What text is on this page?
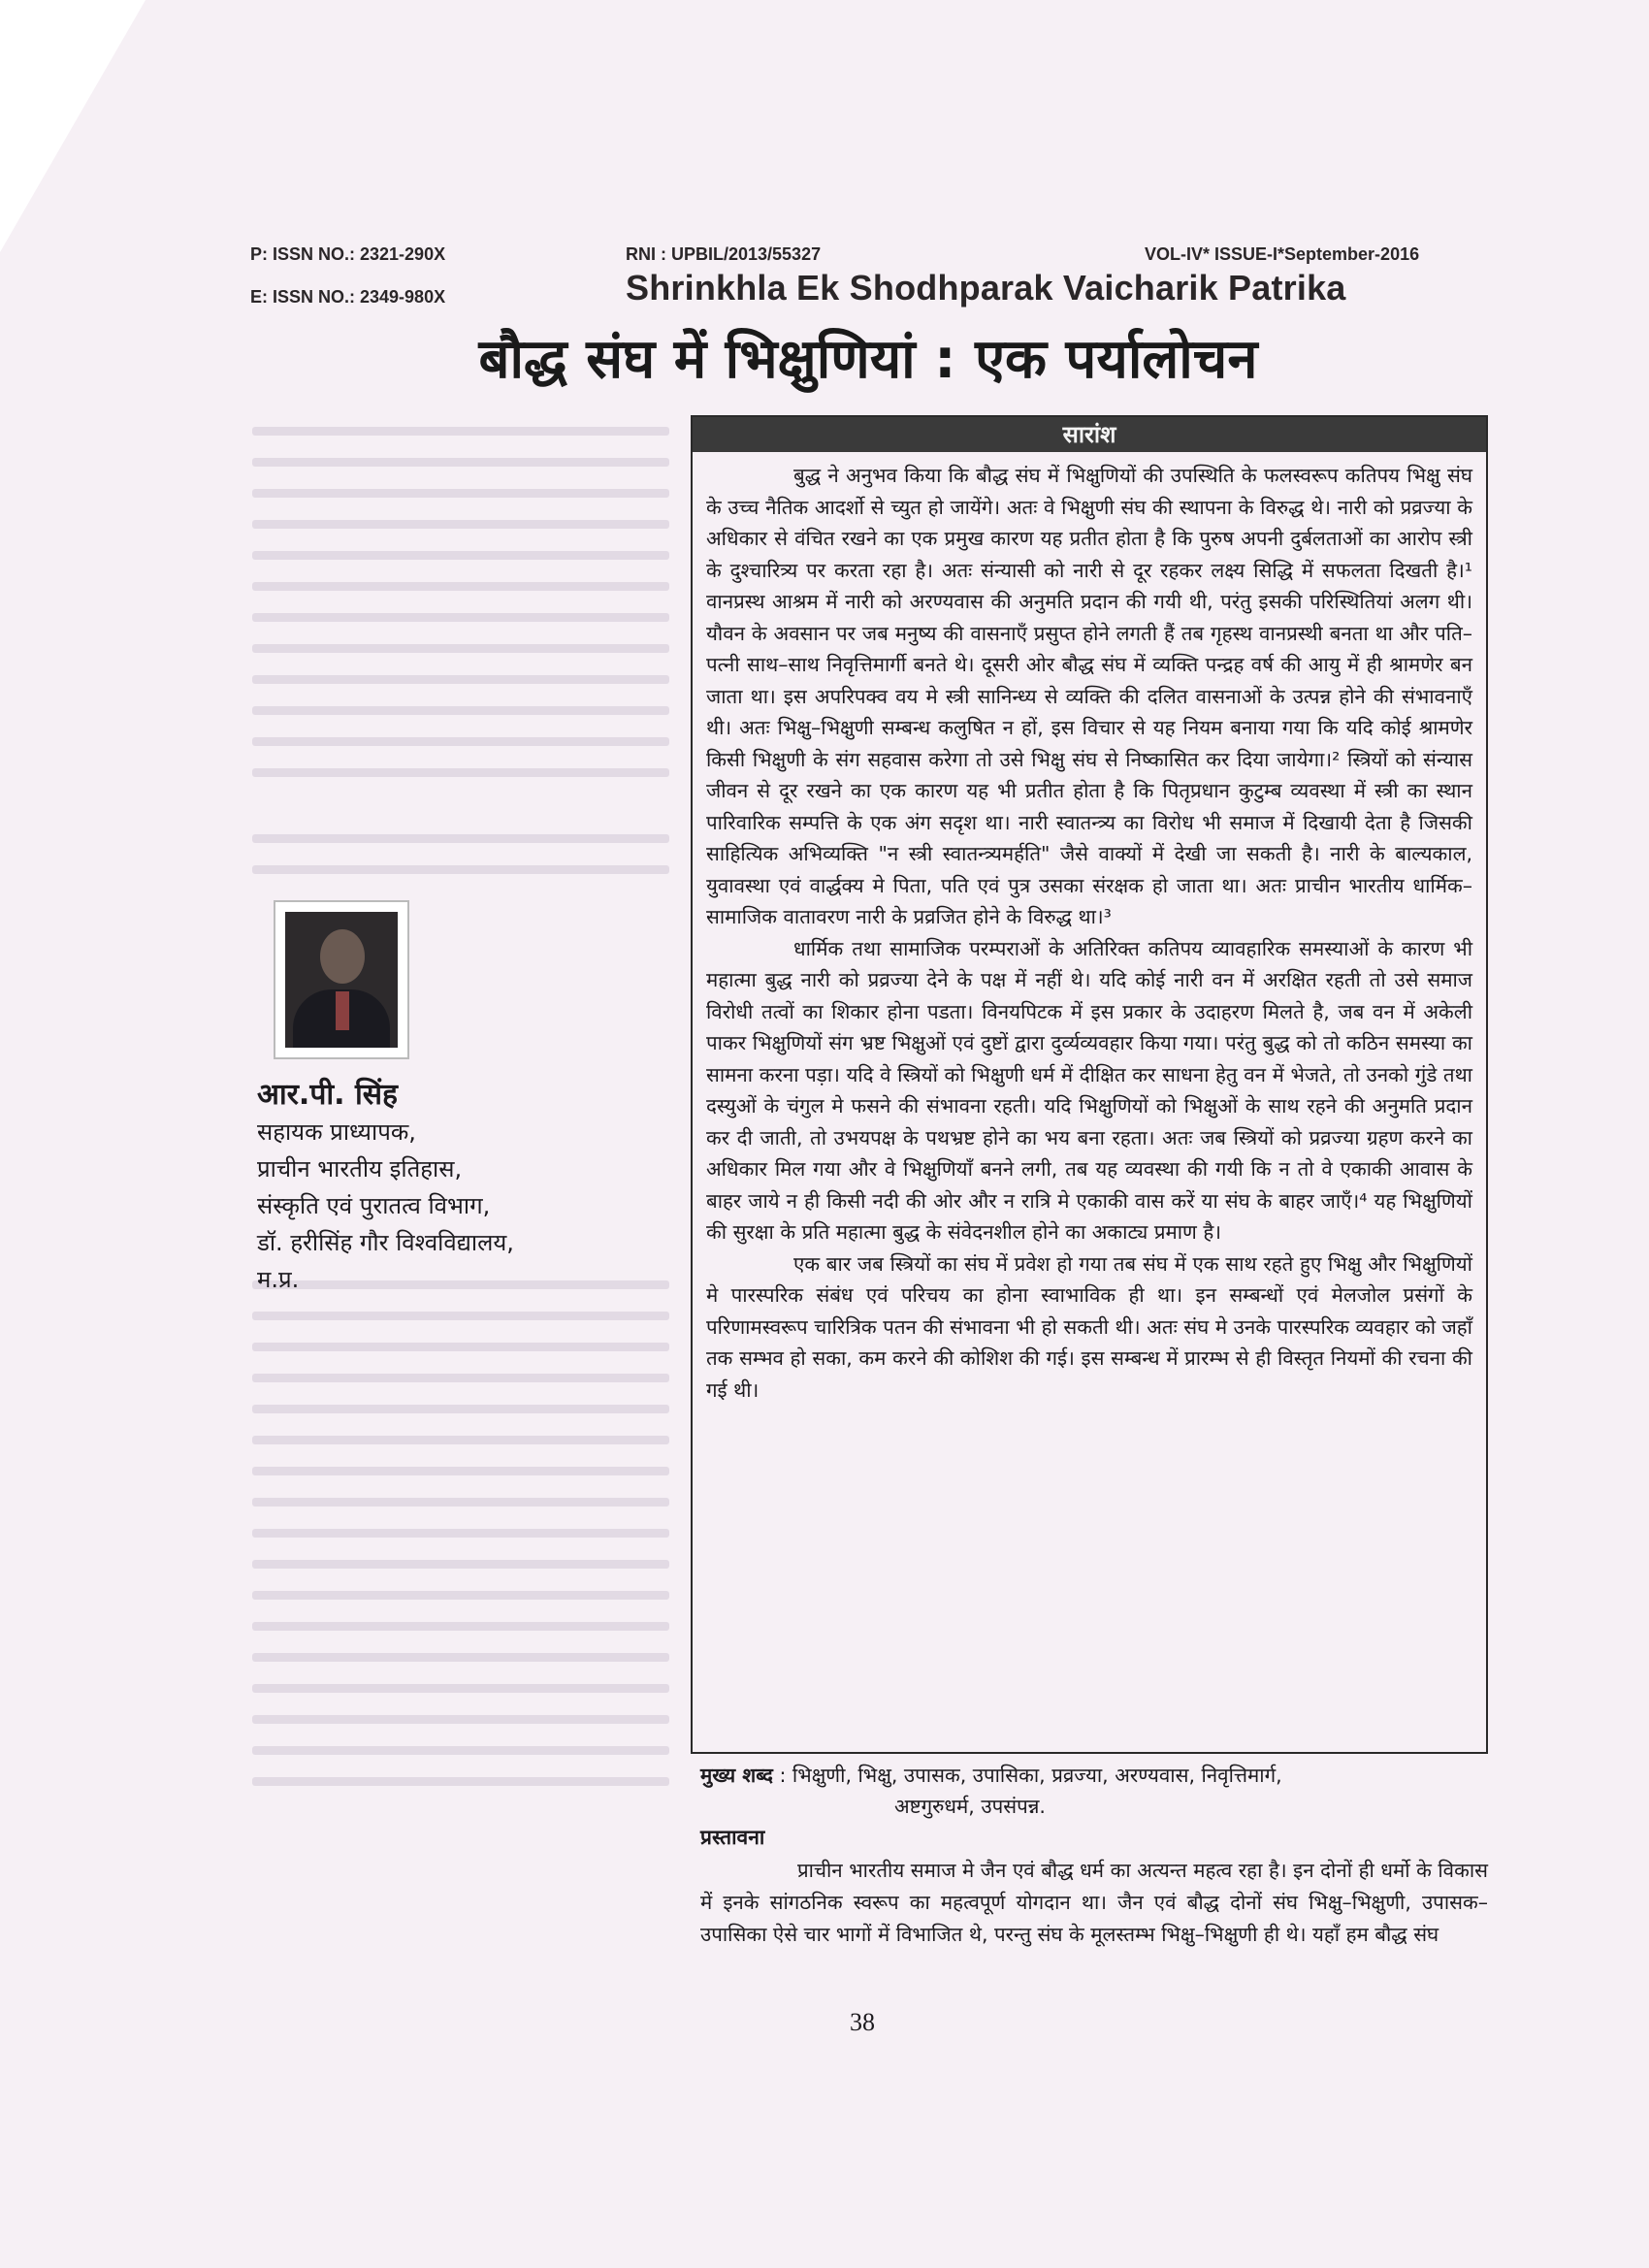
P: ISSN NO.: 2321-290X
E: ISSN NO.: 2349-980X
RNI : UPBIL/2013/55327	VOL-IV* ISSUE-I*September-2016
Shrinkhla Ek Shodhparak Vaicharik Patrika
बौद्ध संघ में भिक्षुणियां : एक पर्यालोचन
आर.पी. सिंह
सहायक प्राध्यापक,
प्राचीन भारतीय इतिहास,
संस्कृति एवं पुरातत्व विभाग,
डॉ. हरीसिंह गौर विश्वविद्यालय,
म.प्र.
सारांश

बुद्ध ने अनुभव किया कि बौद्ध संघ में भिक्षुणियों की उपस्थिति के फलस्वरूप कतिपय भिक्षु संघ के उच्च नैतिक आदर्शो से च्युत हो जायेंगे। अतः वे भिक्षुणी संघ की स्थापना के विरुद्ध थे। नारी को प्रव्रज्या के अधिकार से वंचित रखने का एक प्रमुख कारण यह प्रतीत होता है कि पुरुष अपनी दुर्बलताओं का आरोप स्त्री के दुश्चारित्र्य पर करता रहा है। अतः संन्यासी को नारी से दूर रहकर लक्ष्य सिद्धि में सफलता दिखती है।¹ वानप्रस्थ आश्रम में नारी को अरण्यवास की अनुमति प्रदान की गयी थी, परंतु इसकी परिस्थितियां अलग थी। यौवन के अवसान पर जब मनुष्य की वासनाएँ प्रसुप्त होने लगती हैं तब गृहस्थ वानप्रस्थी बनता था और पति–पत्नी साथ–साथ निवृत्तिमार्गी बनते थे। दूसरी ओर बौद्ध संघ में व्यक्ति पन्द्रह वर्ष की आयु में ही श्रामणेर बन जाता था। इस अपरिपक्व वय मे स्त्री सानिन्ध्य से व्यक्ति की दलित वासनाओं के उत्पन्न होने की संभावनाएँ थी। अतः भिक्षु–भिक्षुणी सम्बन्ध कलुषित न हों, इस विचार से यह नियम बनाया गया कि यदि कोई श्रामणेर किसी भिक्षुणी के संग सहवास करेगा तो उसे भिक्षु संघ से निष्कासित कर दिया जायेगा।² स्त्रियों को संन्यास जीवन से दूर रखने का एक कारण यह भी प्रतीत होता है कि पितृप्रधान कुटुम्ब व्यवस्था में स्त्री का स्थान पारिवारिक सम्पत्ति के एक अंग सदृश था। नारी स्वातन्त्र्य का विरोध भी समाज में दिखायी देता है जिसकी साहित्यिक अभिव्यक्ति "न स्त्री स्वातन्त्र्यमर्हति" जैसे वाक्यों में देखी जा सकती है। नारी के बाल्यकाल, युवावस्था एवं वार्द्धक्य मे पिता, पति एवं पुत्र उसका संरक्षक हो जाता था। अतः प्राचीन भारतीय धार्मिक–सामाजिक वातावरण नारी के प्रव्रजित होने के विरुद्ध था।³

धार्मिक तथा सामाजिक परम्पराओं के अतिरिक्त कतिपय व्यावहारिक समस्याओं के कारण भी महात्मा बुद्ध नारी को प्रव्रज्या देने के पक्ष में नहीं थे। यदि कोई नारी वन में अरक्षित रहती तो उसे समाज विरोधी तत्वों का शिकार होना पडता। विनयपिटक में इस प्रकार के उदाहरण मिलते है, जब वन में अकेली पाकर भिक्षुणियों संग भ्रष्ट भिक्षुओं एवं दुष्टों द्वारा दुर्व्यव्यवहार किया गया। परंतु बुद्ध को तो कठिन समस्या का सामना करना पड़ा। यदि वे स्त्रियों को भिक्षुणी धर्म में दीक्षित कर साधना हेतु वन में भेजते, तो उनको गुंडे तथा दस्युओं के चंगुल मे फसने की संभावना रहती। यदि भिक्षुणियों को भिक्षुओं के साथ रहने की अनुमति प्रदान कर दी जाती, तो उभयपक्ष के पथभ्रष्ट होने का भय बना रहता। अतः जब स्त्रियों को प्रव्रज्या ग्रहण करने का अधिकार मिल गया और वे भिक्षुणियाँ बनने लगी, तब यह व्यवस्था की गयी कि न तो वे एकाकी आवास के बाहर जाये न ही किसी नदी की ओर और न रात्रि मे एकाकी वास करें या संघ के बाहर जाएँ।⁴ यह भिक्षुणियों की सुरक्षा के प्रति महात्मा बुद्ध के संवेदनशील होने का अकाट्य प्रमाण है।

एक बार जब स्त्रियों का संघ में प्रवेश हो गया तब संघ में एक साथ रहते हुए भिक्षु और भिक्षुणियों मे पारस्परिक संबंध एवं परिचय का होना स्वाभाविक ही था। इन सम्बन्धों एवं मेलजोल प्रसंगों के परिणामस्वरूप चारित्रिक पतन की संभावना भी हो सकती थी। अतः संघ मे उनके पारस्परिक व्यवहार को जहाँ तक सम्भव हो सका, कम करने की कोशिश की गई। इस सम्बन्ध में प्रारम्भ से ही विस्तृत नियमों की रचना की गई थी।

मुख्य शब्द : भिक्षुणी, भिक्षु, उपासक, उपासिका, प्रव्रज्या, अरण्यवास, निवृत्तिमार्ग,
अष्टगुरुधर्म, उपसंपन्न.
प्रस्तावना

प्राचीन भारतीय समाज मे जैन एवं बौद्ध धर्म का अत्यन्त महत्व रहा है। इन दोनों ही धर्मो के विकास में इनके सांगठनिक स्वरूप का महत्वपूर्ण योगदान था। जैन एवं बौद्ध दोनों संघ भिक्षु–भिक्षुणी, उपासक–उपासिका ऐसे चार भागों में विभाजित थे, परन्तु संघ के मूलस्तम्भ भिक्षु–भिक्षुणी ही थे। यहाँ हम बौद्ध संघ

38
